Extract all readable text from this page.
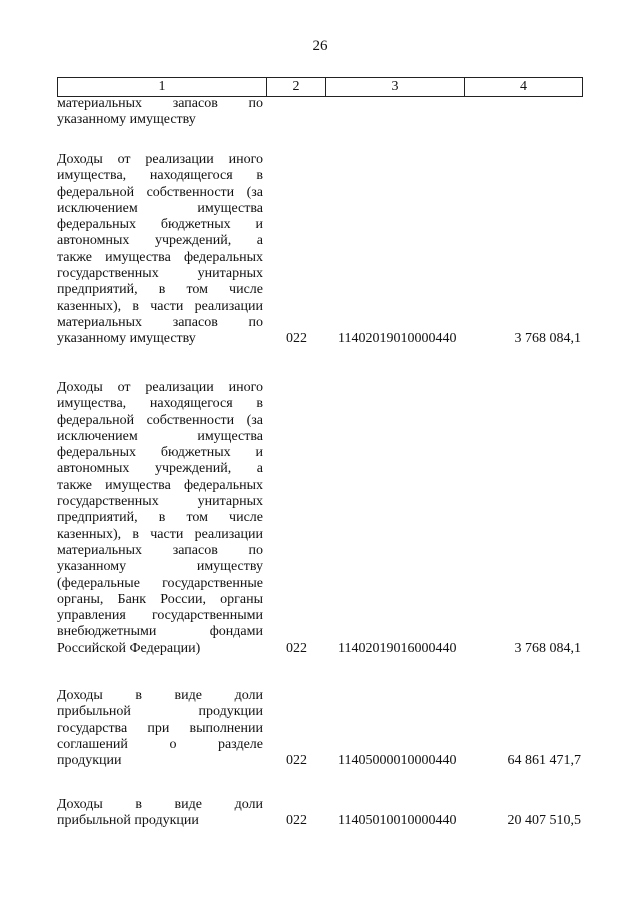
26
1	2	3	4
материальных запасов по
указанному имуществу
Доходы от реализации иного
имущества, находящегося в
федеральной собственности (за
исключением имущества
федеральных бюджетных и
автономных учреждений, а
также имущества федеральных
государственных унитарных
предприятий, в том числе
казенных), в части реализации
материальных запасов по
указанному имуществу	022 11402019010000440	3 768 084,1
Доходы от реализации иного
имущества, находящегося в
федеральной собственности (за
исключением имущества
федеральных бюджетных и
автономных учреждений, а
также имущества федеральных
государственных унитарных
предприятий, в том числе
казенных), в части реализации
материальных запасов по
указанному имуществу
(федеральные государственные
органы, Банк России, органы
управления государственными
внебюджетными фондами
Российской Федерации)	022 11402019016000440	3 768 084,1
Доходы в виде доли
прибыльной продукции
государства при выполнении
соглашений о разделе
продукции	022 11405000010000440	64 861 471,7
Доходы в виде доли
прибыльной продукции	022 11405010010000440	20 407 510,5
